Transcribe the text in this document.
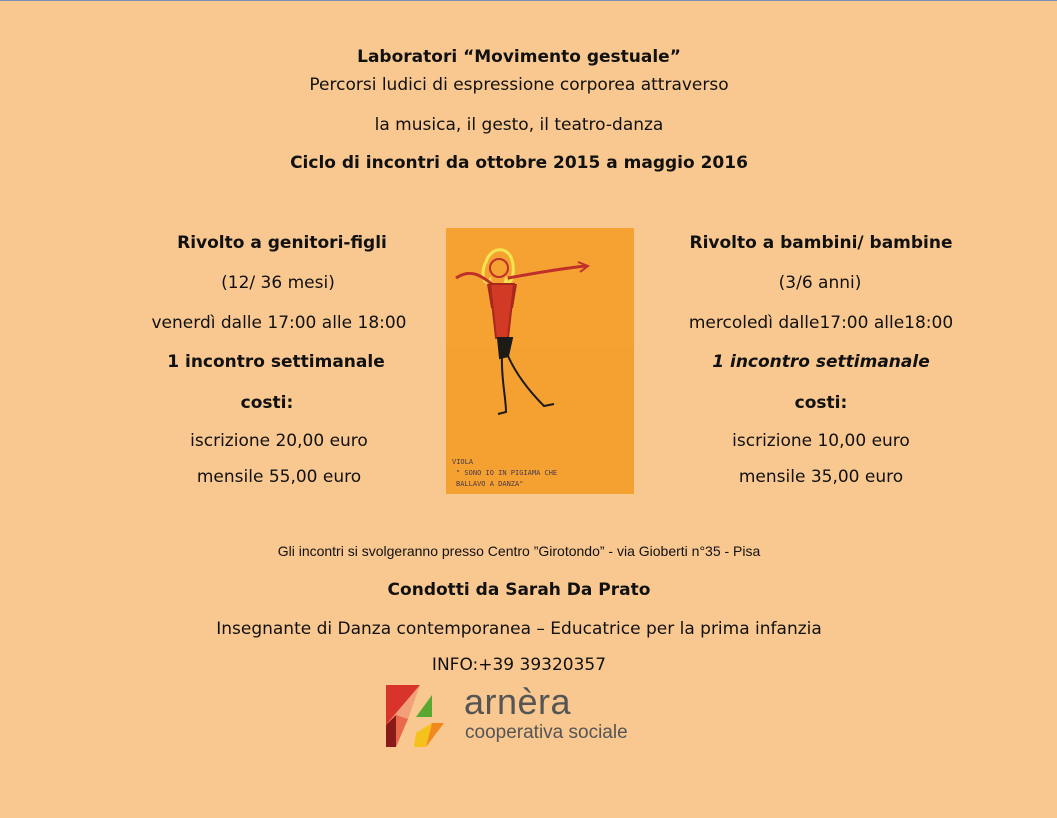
Laboratori “Movimento gestuale”
Percorsi ludici di espressione corporea attraverso
la musica, il gesto, il teatro-danza
Ciclo di incontri da ottobre 2015 a maggio 2016
Rivolto a genitori-figli
(12/ 36 mesi)
venerdì dalle 17:00 alle 18:00
1 incontro settimanale
costi:
iscrizione 20,00 euro
mensile 55,00 euro
VIOLA
" SONO IO IN PIGIAMA CHE
BALLAVO A DANZA"
Rivolto a bambini/ bambine
(3/6 anni)
mercoledì dalle17:00 alle18:00
1 incontro settimanale
costi:
iscrizione 10,00 euro
mensile 35,00 euro
Gli incontri si svolgeranno presso Centro ”Girotondo” - via Gioberti n°35 - Pisa
Condotti da Sarah Da Prato
Insegnante di Danza contemporanea – Educatrice per la prima infanzia
INFO:+39 39320357
arnèra
cooperativa sociale
